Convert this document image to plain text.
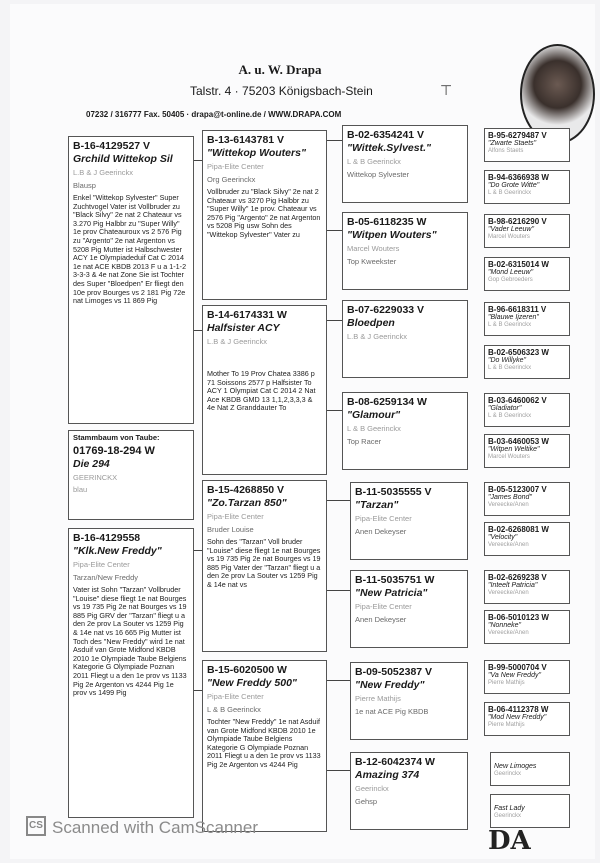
A. u. W. Drapa
Talstr. 4 · 75203 Königsbach-Stein
07232 / 316777 Fax. 50405 · drapa@t-online.de / WWW.DRAPA.COM
⊤
B-16-4129527 V
Grchild Wittekop Sil
L.B & J Geerinckx
Blausp
Enkel "Wittekop Sylvester" Super Zuchtvogel Vater ist Vollbruder zu "Black Silvy" 2e nat 2 Chateaur vs 3.270 Pig Halbbr zu "Super Willy" 1e prov Chateauroux vs 2 576 Pig zu "Argento" 2e nat Argenton vs 5208 Pig Mutter ist Halbschwester ACY 1e Olympiadeduif Cat C 2014 1e nat ACE KBDB 2013 F u a 1-1-2 3-3-3 & 4e nat Zone Sie ist Tochter des Super "Bloedpen" Er fliegt den 10e prov Bourges vs 2 181 Pig 72e nat Limoges vs 11 869 Pig
Stammbaum von Taube:
01769-18-294 W
Die 294
GEERINCKX
blau
B-16-4129558
"Klk.New Freddy"
Pipa-Elite Center
Tarzan/New Freddy
Vater ist Sohn "Tarzan" Vollbruder "Louise" diese fliegt 1e nat Bourges vs 19 735 Pig 2e nat Bourges vs 19 885 Pig GRV der "Tarzan" fliegt u a den 2e prov La Souter vs 1259 Pig & 14e nat vs 16 665 Pig Mutter ist Toch des "New Freddy" wird 1e nat Asduif van Grote Midfond KBDB 2010 1e Olympiade Taube Belgiens Kategorie G Olympiade Poznan 2011 Fliegt u a den 1e prov vs 1133 Pig 2e Argenton vs 4244 Pig 1e prov vs 1499 Pig
B-13-6143781 V
"Wittekop Wouters"
Pipa-Elite Center
Org Geerinckx
Vollbruder zu "Black Silvy" 2e nat 2 Chateaur vs 3270 Pig Halbbr zu "Super Willy" 1e prov. Chateaur vs 2576 Pig "Argento" 2e nat Argenton vs 5208 Pig usw Sohn des "Wittekop Sylvester" Vater zu
B-14-6174331 W
Halfsister ACY
L.B & J Geerinckx
Mother To 19 Prov Chatea 3386 p 71 Soissons 2577 p Halfsister To ACY 1 Olympiat Cat C 2014 2 Nat Ace KBDB GMD 13 1,1,2,3,3,3 & 4e Nat Z Granddauter To
B-15-4268850 V
"Zo.Tarzan 850"
Pipa-Elite Center
Bruder Louise
Sohn des "Tarzan" Voll bruder "Louise" diese fliegt 1e nat Bourges vs 19 735 Pig 2e nat Bourges vs 19 885 Pig Vater der "Tarzan" fliegt u a den 2e prov La Souter vs 1259 Pig & 14e nat vs
B-15-6020500 W
"New Freddy 500"
Pipa-Elite Center
L & B Geerinckx
Tochter "New Freddy" 1e nat Asduif van Grote Midfond KBDB 2010 1e Olympiade Taube Belgiens Kategorie G Olympiade Poznan 2011 Fliegt u a den 1e prov vs 1133 Pig 2e Argenton vs 4244 Pig
B-02-6354241 V
"Wittek.Sylvest."
L & B Geerinckx
Wittekop Sylvester
B-05-6118235 W
"Witpen Wouters"
Marcel Wouters
Top Kweekster
B-07-6229033 V
Bloedpen
L.B & J Geerinckx
B-08-6259134 W
"Glamour"
L & B Geerinckx
Top Racer
B-11-5035555 V
"Tarzan"
Pipa-Elite Center
Anen Dekeyser
B-11-5035751 W
"New Patricia"
Pipa-Elite Center
Anen Dekeyser
B-09-5052387 V
"New Freddy"
Pierre Mathijs
1e nat ACE Pig KBDB
B-12-6042374 W
Amazing 374
Geerinckx
Gehsp
B-95-6279487 V
"Zwarte Staets"
Alfons Staets
B-94-6366938 W
"Do Grote Witte"
L & B Geerinckx
B-98-6216290 V
"Vader Leeuw"
Marcel Wouters
B-02-6315014 W
"Mond Leeuw"
Gop Gebroeders
B-96-6618311 V
"Blauwe Ijzeren"
L & B Geerinckx
B-02-6506323 W
"Do Willyke"
L & B Geerinckx
B-03-6460062 V
"Gladiator"
L & B Geerinckx
B-03-6460053 W
"Witpen Weltike"
Marcel Wouters
B-05-5123007 V
"James Bond"
Vereecke/Anen
B-02-6268081 W
"Velocity"
Vereecke/Anen
B-02-6269238 V
"Inteelt Patricia"
Vereecke/Anen
B-06-5010123 W
"Nonneke"
Vereecke/Anen
B-99-5000704 V
"Va New Freddy"
Pierre Mathijs
B-06-4112378 W
"Mod New Freddy"
Pierre Mathijs
New Limoges
Geerinckx
Fast Lady
Geerinckx
CS Scanned with CamScanner	DA
